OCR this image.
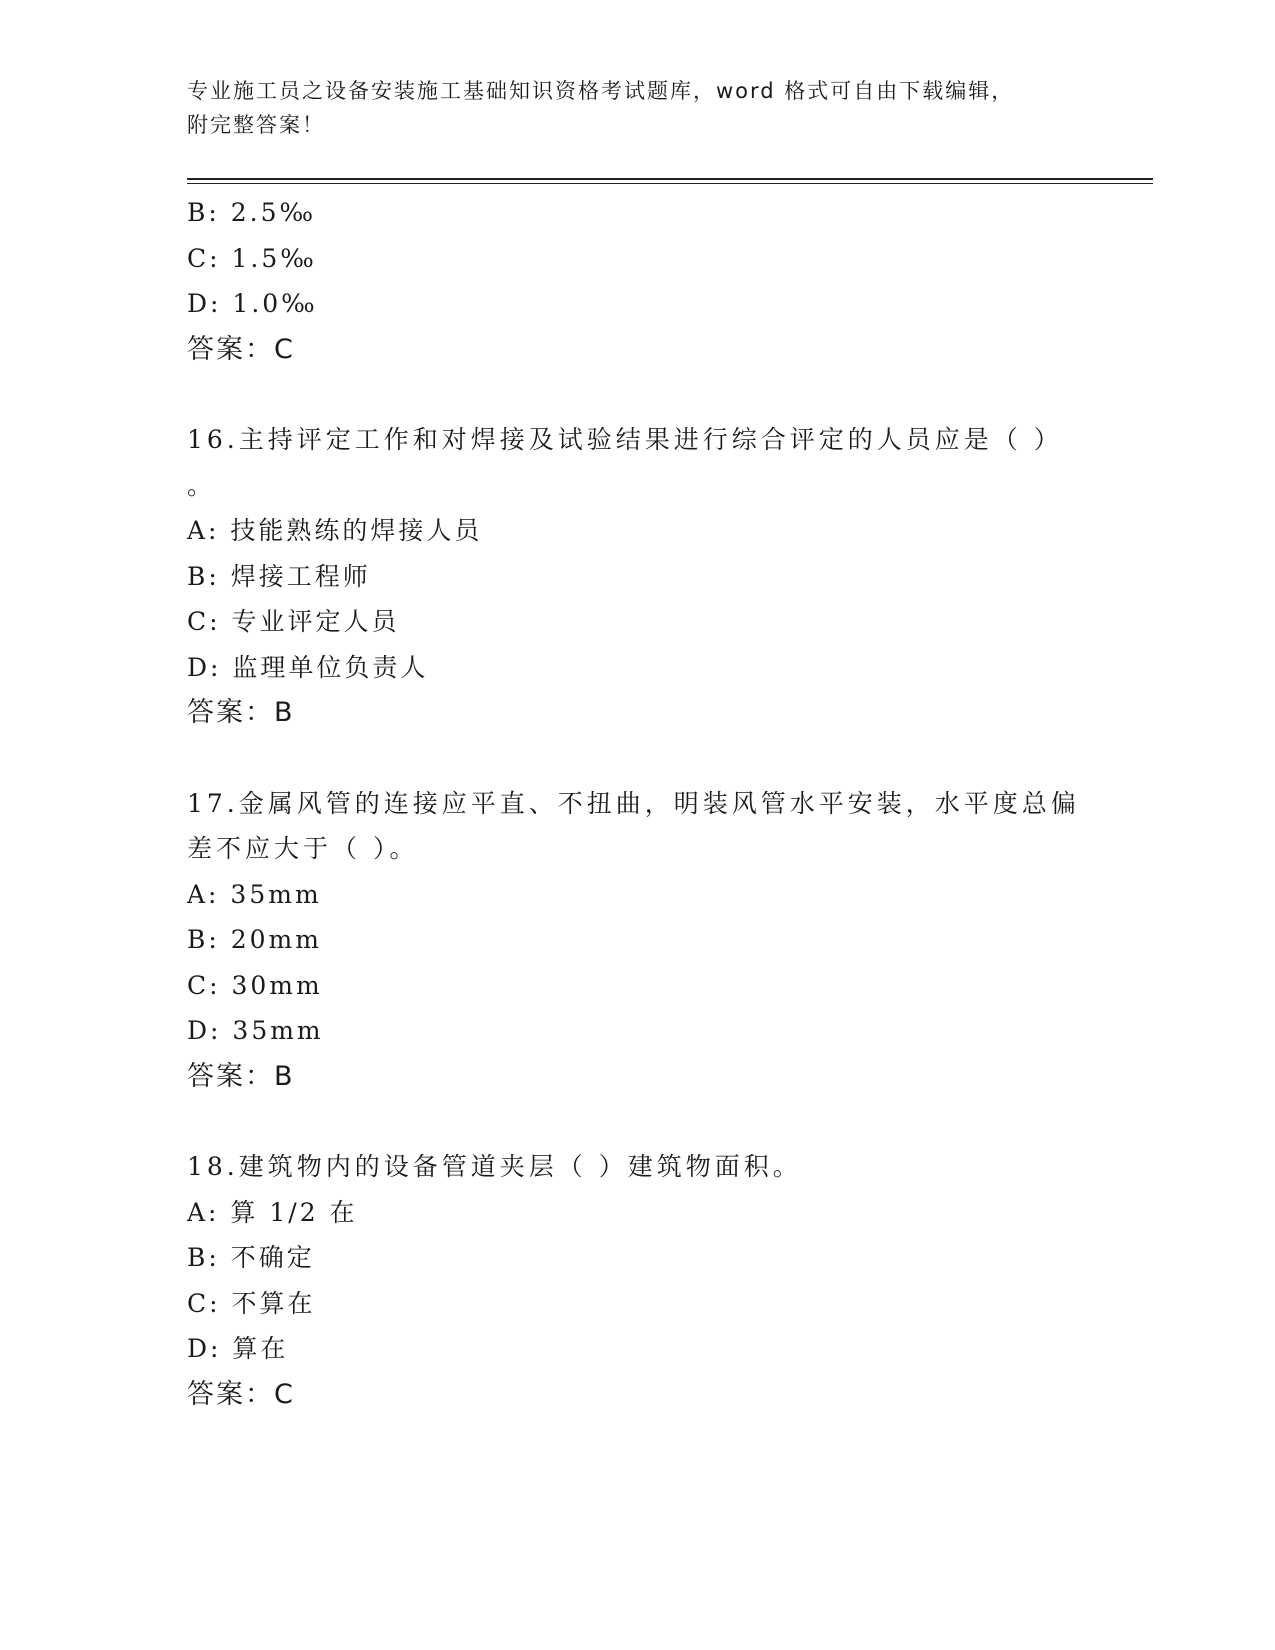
专业施工员之设备安装施工基础知识资格考试题库，word 格式可自由下载编辑，
附完整答案！
B: 2.5‰
C: 1.5‰
D: 1.0‰
答案：C
16.主持评定工作和对焊接及试验结果进行综合评定的人员应是（ ）
。
A: 技能熟练的焊接人员
B: 焊接工程师
C: 专业评定人员
D: 监理单位负责人
答案：B
17.金属风管的连接应平直、不扭曲，明装风管水平安装，水平度总偏
差不应大于（ ）。
A: 35mm
B: 20mm
C: 30mm
D: 35mm
答案：B
18.建筑物内的设备管道夹层（ ）建筑物面积。
A: 算 1/2 在
B: 不确定
C: 不算在
D: 算在
答案：C
